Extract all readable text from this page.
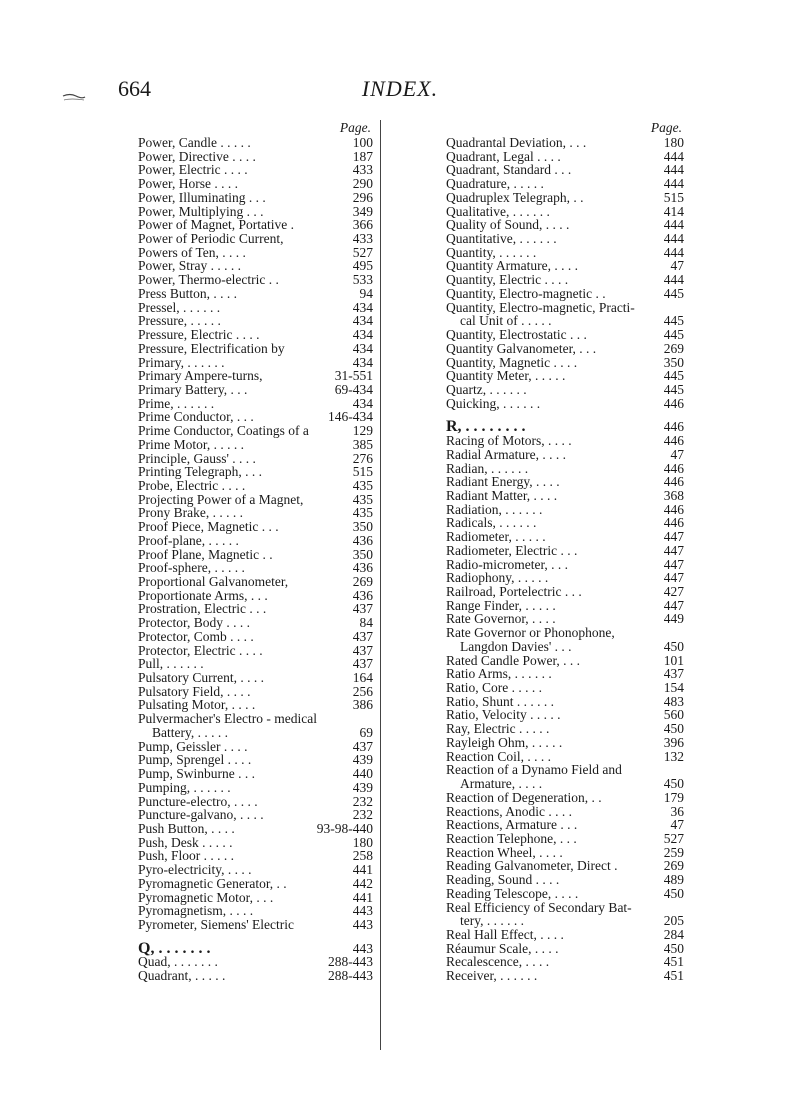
664	INDEX.
Page.
Power, Candle . . . . .	100
Power, Directive . . . .	187
Power, Electric . . . .	433
Power, Horse . . . .	290
Power, Illuminating . . .	296
Power, Multiplying . . .	349
Power of Magnet, Portative .	366
Power of Periodic Current,	433
Powers of Ten, . . . .	527
Power, Stray . . . . .	495
Power, Thermo-electric . .	533
Press Button, . . . .	94
Pressel, . . . . . .	434
Pressure, . . . . .	434
Pressure, Electric . . . .	434
Pressure, Electrification by	434
Primary, . . . . . .	434
Primary Ampere-turns,	31-551
Primary Battery, . . .	69-434
Prime, . . . . . .	434
Prime Conductor, . . .	146-434
Prime Conductor, Coatings of a	129
Prime Motor, . . . . .	385
Principle, Gauss' . . . .	276
Printing Telegraph, . . .	515
Probe, Electric . . . .	435
Projecting Power of a Magnet,	435
Prony Brake, . . . . .	435
Proof Piece, Magnetic . . .	350
Proof-plane, . . . . .	436
Proof Plane, Magnetic . .	350
Proof-sphere, . . . . .	436
Proportional Galvanometer,	269
Proportionate Arms, . . .	436
Prostration, Electric . . .	437
Protector, Body . . . .	84
Protector, Comb . . . .	437
Protector, Electric . . . .	437
Pull, . . . . . .	437
Pulsatory Current, . . . .	164
Pulsatory Field, . . . .	256
Pulsating Motor, . . . .	386
Pulvermacher's Electro - medical
Battery, . . . . .	69
Pump, Geissler . . . .	437
Pump, Sprengel . . . .	439
Pump, Swinburne . . .	440
Pumping, . . . . . .	439
Puncture-electro, . . . .	232
Puncture-galvano, . . . .	232
Push Button, . . . .	93-98-440
Push, Desk . . . . .	180
Push, Floor . . . . .	258
Pyro-electricity, . . . .	441
Pyromagnetic Generator, . .	442
Pyromagnetic Motor, . . .	441
Pyromagnetism, . . . .	443
Pyrometer, Siemens' Electric	443
Q, . . . . . . .	443
Quad, . . . . . . .	288-443
Quadrant, . . . . .	288-443
Page.
Quadrantal Deviation, . . .	180
Quadrant, Legal . . . .	444
Quadrant, Standard . . .	444
Quadrature, . . . . .	444
Quadruplex Telegraph, . .	515
Qualitative, . . . . . .	414
Quality of Sound, . . . .	444
Quantitative, . . . . . .	444
Quantity, . . . . . .	444
Quantity Armature, . . . .	47
Quantity, Electric . . . .	444
Quantity, Electro-magnetic . .	445
Quantity, Electro-magnetic, Practi-
cal Unit of . . . . .	445
Quantity, Electrostatic . . .	445
Quantity Galvanometer, . . .	269
Quantity, Magnetic . . . .	350
Quantity Meter, . . . . .	445
Quartz, . . . . . .	445
Quicking, . . . . . .	446
R, . . . . . . . .	446
Racing of Motors, . . . .	446
Radial Armature, . . . .	47
Radian, . . . . . .	446
Radiant Energy, . . . .	446
Radiant Matter, . . . .	368
Radiation, . . . . . .	446
Radicals, . . . . . .	446
Radiometer, . . . . .	447
Radiometer, Electric . . .	447
Radio-micrometer, . . .	447
Radiophony, . . . . .	447
Railroad, Portelectric . . .	427
Range Finder, . . . . .	447
Rate Governor, . . . .	449
Rate Governor or Phonophone,
Langdon Davies' . . .	450
Rated Candle Power, . . .	101
Ratio Arms, . . . . . .	437
Ratio, Core . . . . .	154
Ratio, Shunt . . . . . .	483
Ratio, Velocity . . . . .	560
Ray, Electric . . . . .	450
Rayleigh Ohm, . . . . .	396
Reaction Coil, . . . .	132
Reaction of a Dynamo Field and
Armature, . . . .	450
Reaction of Degeneration, . .	179
Reactions, Anodic . . . .	36
Reactions, Armature . . .	47
Reaction Telephone, . . .	527
Reaction Wheel, . . . .	259
Reading Galvanometer, Direct .	269
Reading, Sound . . . .	489
Reading Telescope, . . . .	450
Real Efficiency of Secondary Bat-
tery, . . . . . .	205
Real Hall Effect, . . . .	284
Réaumur Scale, . . . .	450
Recalescence, . . . .	451
Receiver, . . . . . .	451
